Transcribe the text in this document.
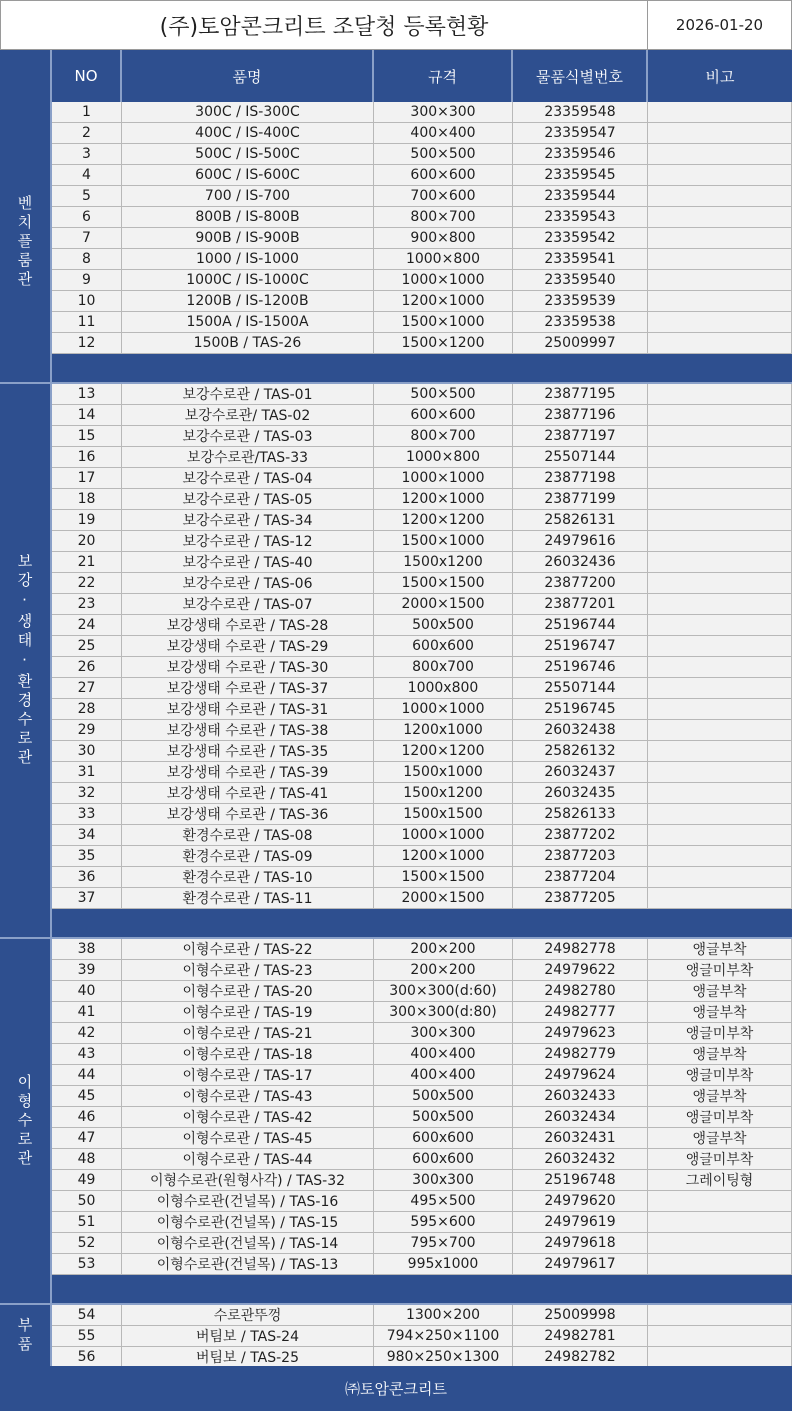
(주)토암콘크리트 조달청 등록현황	2026-01-20
NO	품명	규격	물품식별번호	비고
1	300C / IS-300C	300×300	23359548
2	400C / IS-400C	400×400	23359547
3	500C / IS-500C	500×500	23359546
4	600C / IS-600C	600×600	23359545
5	700 / IS-700	700×600	23359544
6	800B / IS-800B	800×700	23359543
7	900B / IS-900B	900×800	23359542
8	1000 / IS-1000	1000×800	23359541
9	1000C / IS-1000C	1000×1000	23359540
10	1200B / IS-1200B	1200×1000	23359539
11	1500A / IS-1500A	1500×1000	23359538
12	1500B / TAS-26	1500×1200	25009997
벤치플룸관
13	보강수로관 / TAS-01	500×500	23877195
14	보강수로관/ TAS-02	600×600	23877196
15	보강수로관 / TAS-03	800×700	23877197
16	보강수로관/TAS-33	1000×800	25507144
17	보강수로관 / TAS-04	1000×1000	23877198
18	보강수로관 / TAS-05	1200×1000	23877199
19	보강수로관 / TAS-34	1200×1200	25826131
20	보강수로관 / TAS-12	1500×1000	24979616
21	보강수로관 / TAS-40	1500x1200	26032436
22	보강수로관 / TAS-06	1500×1500	23877200
23	보강수로관 / TAS-07	2000×1500	23877201
24	보강생태 수로관 / TAS-28	500x500	25196744
25	보강생태 수로관 / TAS-29	600x600	25196747
26	보강생태 수로관 / TAS-30	800x700	25196746
27	보강생태 수로관 / TAS-37	1000x800	25507144
28	보강생태 수로관 / TAS-31	1000×1000	25196745
29	보강생태 수로관 / TAS-38	1200x1000	26032438
30	보강생태 수로관 / TAS-35	1200×1200	25826132
31	보강생태 수로관 / TAS-39	1500x1000	26032437
32	보강생태 수로관 / TAS-41	1500x1200	26032435
33	보강생태 수로관 / TAS-36	1500x1500	25826133
34	환경수로관 / TAS-08	1000×1000	23877202
35	환경수로관 / TAS-09	1200×1000	23877203
36	환경수로관 / TAS-10	1500×1500	23877204
37	환경수로관 / TAS-11	2000×1500	23877205
보강·생태·환경수로관
38	이형수로관 / TAS-22	200×200	24982778	앵글부착
39	이형수로관 / TAS-23	200×200	24979622	앵글미부착
40	이형수로관 / TAS-20	300×300(d:60)	24982780	앵글부착
41	이형수로관 / TAS-19	300×300(d:80)	24982777	앵글부착
42	이형수로관 / TAS-21	300×300	24979623	앵글미부착
43	이형수로관 / TAS-18	400×400	24982779	앵글부착
44	이형수로관 / TAS-17	400×400	24979624	앵글미부착
45	이형수로관 / TAS-43	500x500	26032433	앵글부착
46	이형수로관 / TAS-42	500x500	26032434	앵글미부착
47	이형수로관 / TAS-45	600x600	26032431	앵글부착
48	이형수로관 / TAS-44	600x600	26032432	앵글미부착
49	이형수로관(원형사각) / TAS-32	300x300	25196748	그레이팅형
50	이형수로관(건널목) / TAS-16	495×500	24979620
51	이형수로관(건널목) / TAS-15	595×600	24979619
52	이형수로관(건널목) / TAS-14	795×700	24979618
53	이형수로관(건널목) / TAS-13	995x1000	24979617
이형수로관
54	수로관뚜껑	1300×200	25009998
55	버팀보 / TAS-24	794×250×1100	24982781
56	버팀보 / TAS-25	980×250×1300	24982782
부품
㈜토암콘크리트
